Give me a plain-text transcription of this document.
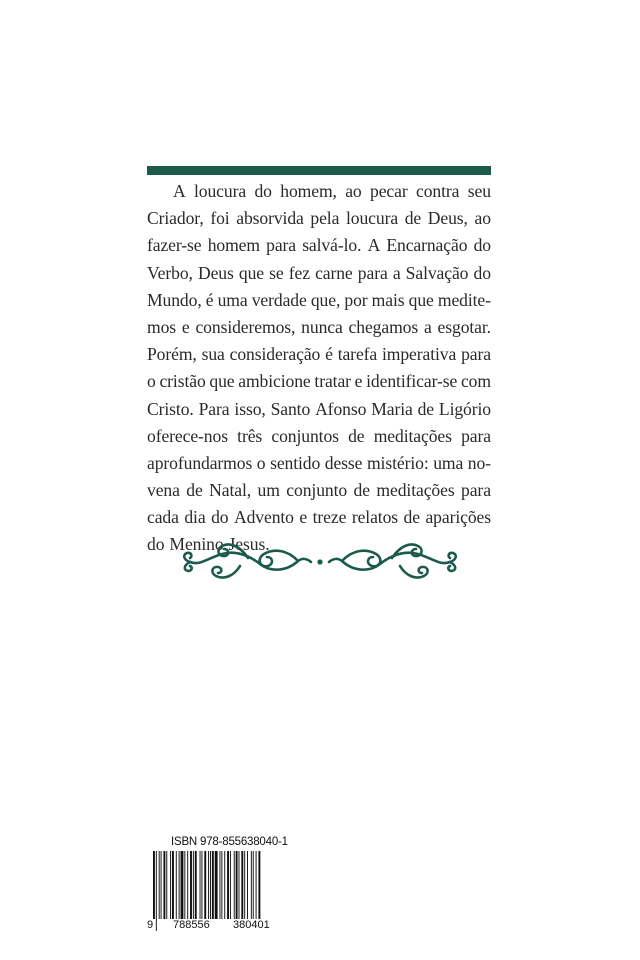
A loucura do homem, ao pecar contra seu
Criador, foi absorvida pela loucura de Deus, ao
fazer-se homem para salvá-lo. A Encarnação do
Verbo, Deus que se fez carne para a Salvação do
Mundo, é uma verdade que, por mais que medite-
mos e consideremos, nunca chegamos a esgotar.
Porém, sua consideração é tarefa imperativa para
o cristão que ambicione tratar e identificar-se com
Cristo. Para isso, Santo Afonso Maria de Ligório
oferece-nos três conjuntos de meditações para
aprofundarmos o sentido desse mistério: uma no-
vena de Natal, um conjunto de meditações para
cada dia do Advento e treze relatos de aparições
do Menino Jesus.
ISBN 978-855638040-1
9 788556 380401
